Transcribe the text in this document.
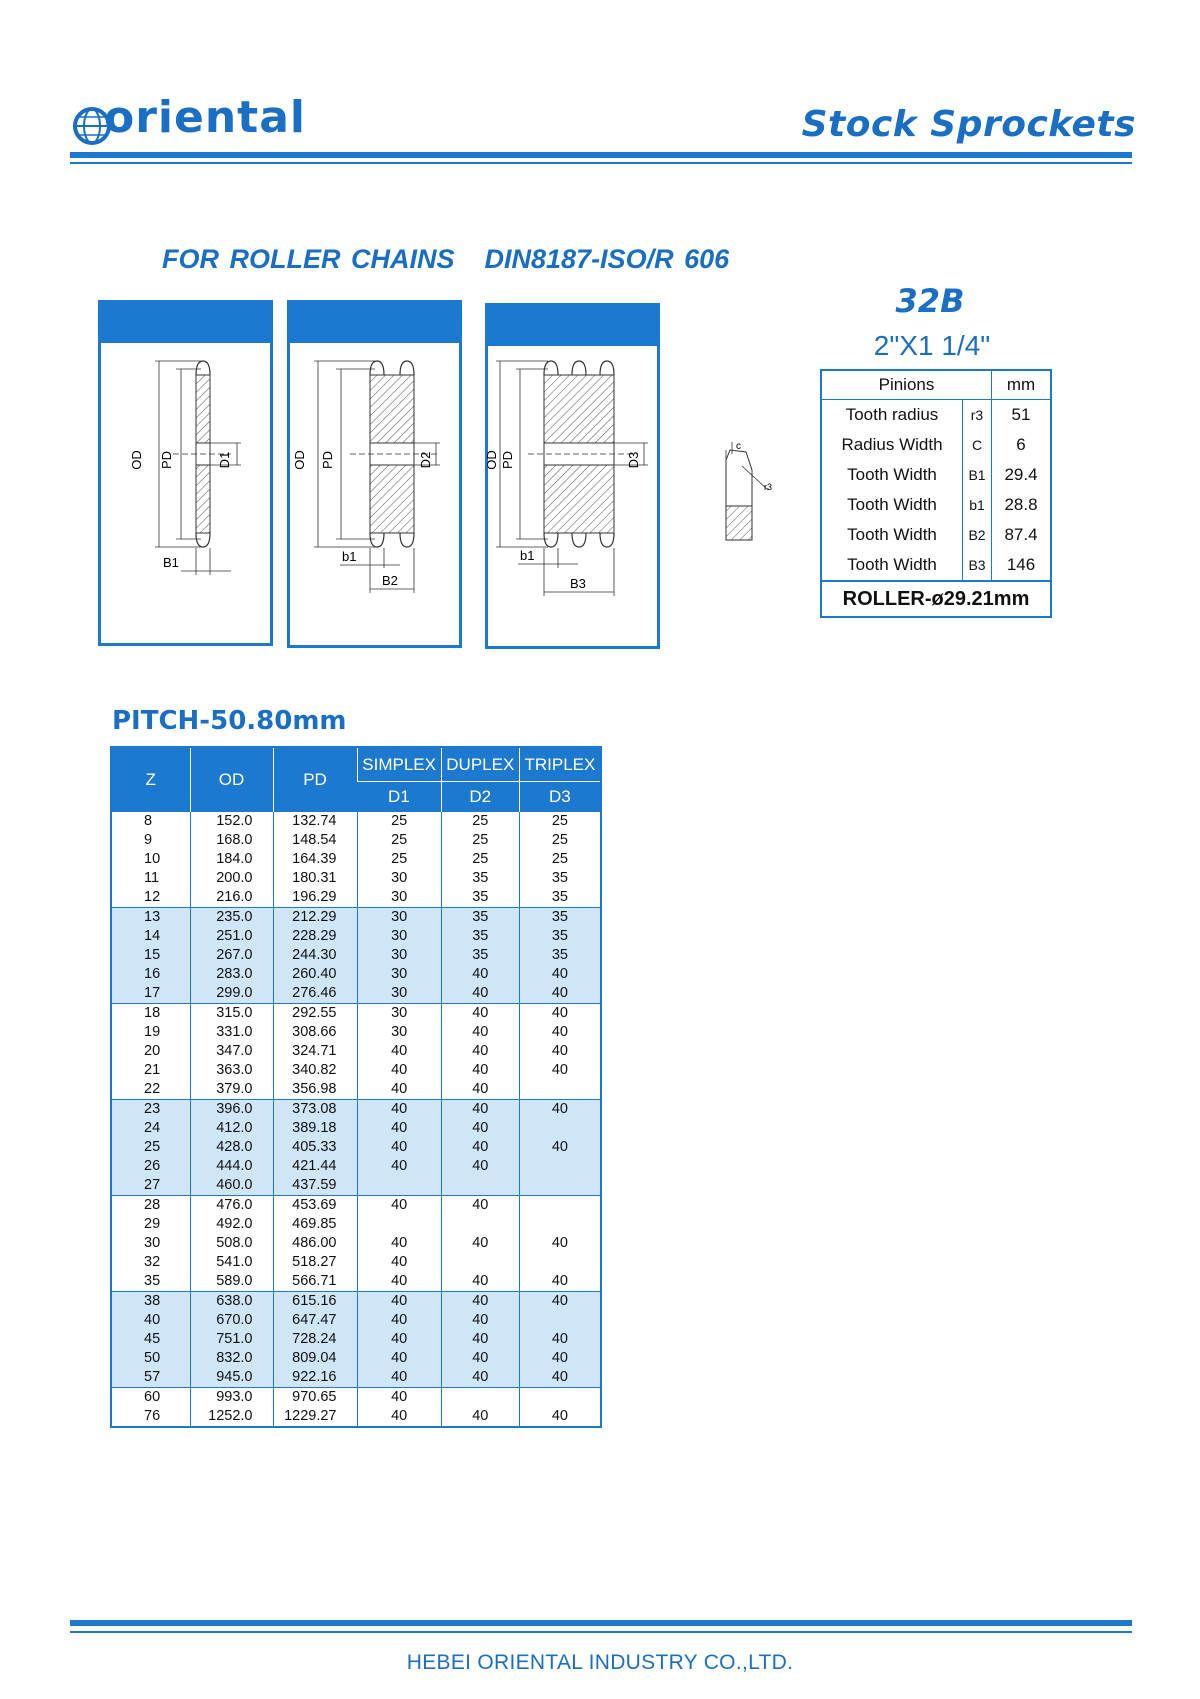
oriental	Stock Sprockets
FOR ROLLER CHAINS DIN8187-ISO/R 606
OD PD	D1
B1
OD PD	D2
b1
B2
OD PD	D3
b1
B3
c
r3
32B
2"X1 1/4"
Pinions		mm
Tooth radius	r3	51
Radius Width	C	6
Tooth Width	B1	29.4
Tooth Width	b1	28.8
Tooth Width	B2	87.4
Tooth Width	B3	146
ROLLER-ø29.21mm		
PITCH-50.80mm
Z	OD	PD	SIMPLEX	DUPLEX	TRIPLEX
			D1	D2	D3
8	152.0	132.74	25	25	25
9	168.0	148.54	25	25	25
10	184.0	164.39	25	25	25
11	200.0	180.31	30	35	35
12	216.0	196.29	30	35	35
13	235.0	212.29	30	35	35
14	251.0	228.29	30	35	35
15	267.0	244.30	30	35	35
16	283.0	260.40	30	40	40
17	299.0	276.46	30	40	40
18	315.0	292.55	30	40	40
19	331.0	308.66	30	40	40
20	347.0	324.71	40	40	40
21	363.0	340.82	40	40	40
22	379.0	356.98	40	40	
23	396.0	373.08	40	40	40
24	412.0	389.18	40	40	
25	428.0	405.33	40	40	40
26	444.0	421.44	40	40	
27	460.0	437.59			
28	476.0	453.69	40	40	
29	492.0	469.85			
30	508.0	486.00	40	40	40
32	541.0	518.27	40		
35	589.0	566.71	40	40	40
38	638.0	615.16	40	40	40
40	670.0	647.47	40	40	
45	751.0	728.24	40	40	40
50	832.0	809.04	40	40	40
57	945.0	922.16	40	40	40
60	993.0	970.65	40		
76	1252.0	1229.27	40	40	40
HEBEI ORIENTAL INDUSTRY CO.,LTD.
